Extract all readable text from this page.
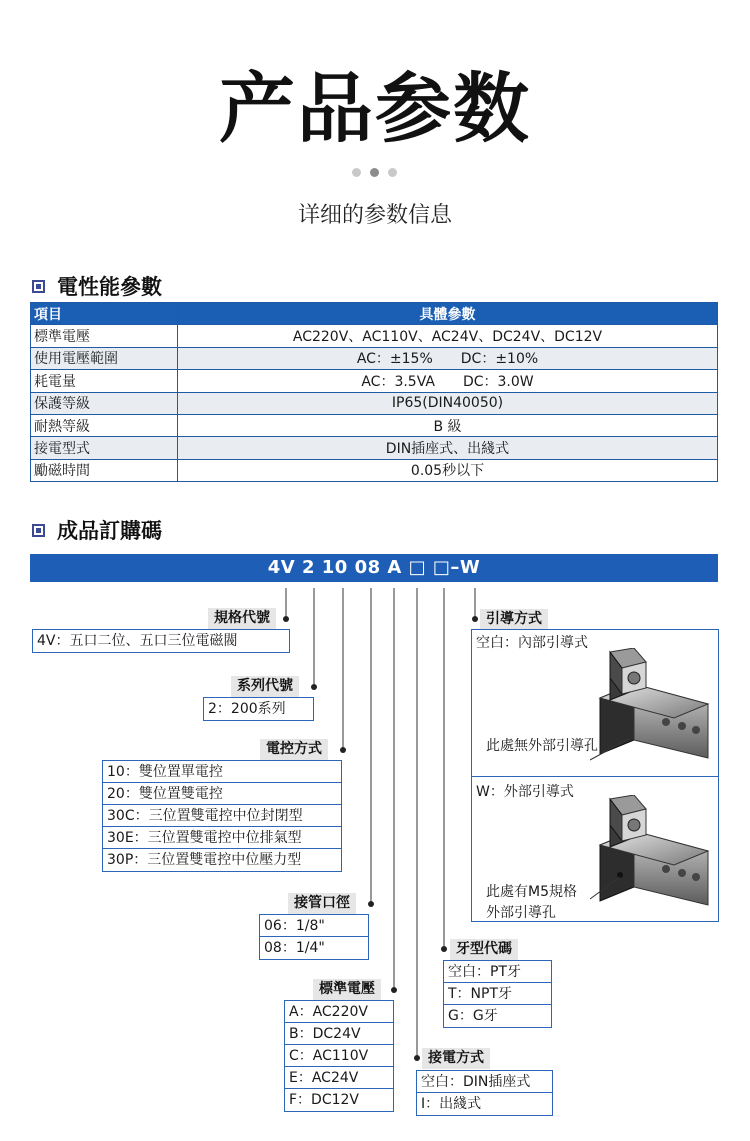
产品参数
详细的参数信息
電性能參數
項目	具體參數
標準電壓	AC220V、AC110V、AC24V、DC24V、DC12V
使用電壓範圍	AC：±15%　　DC：±10%
耗電量	AC：3.5VA　　DC：3.0W
保護等級	IP65(DIN40050)
耐熱等級	B 級
接電型式	DIN插座式、出綫式
勵磁時間	0.05秒以下
成品訂購碼
4V 2 10 08 A □ □–W
規格代號
4V：五口二位、五口三位電磁閥
系列代號
2：200系列
電控方式
10：雙位置單電控
20：雙位置雙電控
30C：三位置雙電控中位封閉型
30E：三位置雙電控中位排氣型
30P：三位置雙電控中位壓力型
接管口徑
06：1/8"
08：1/4"
標準電壓
A：AC220V
B：DC24V
C：AC110V
E：AC24V
F：DC12V
接電方式
空白：DIN插座式
I：出綫式
牙型代碼
空白：PT牙
T：NPT牙
G：G牙
引導方式
空白：內部引導式
此處無外部引導孔
W：外部引導式
此處有M5規格
外部引導孔
